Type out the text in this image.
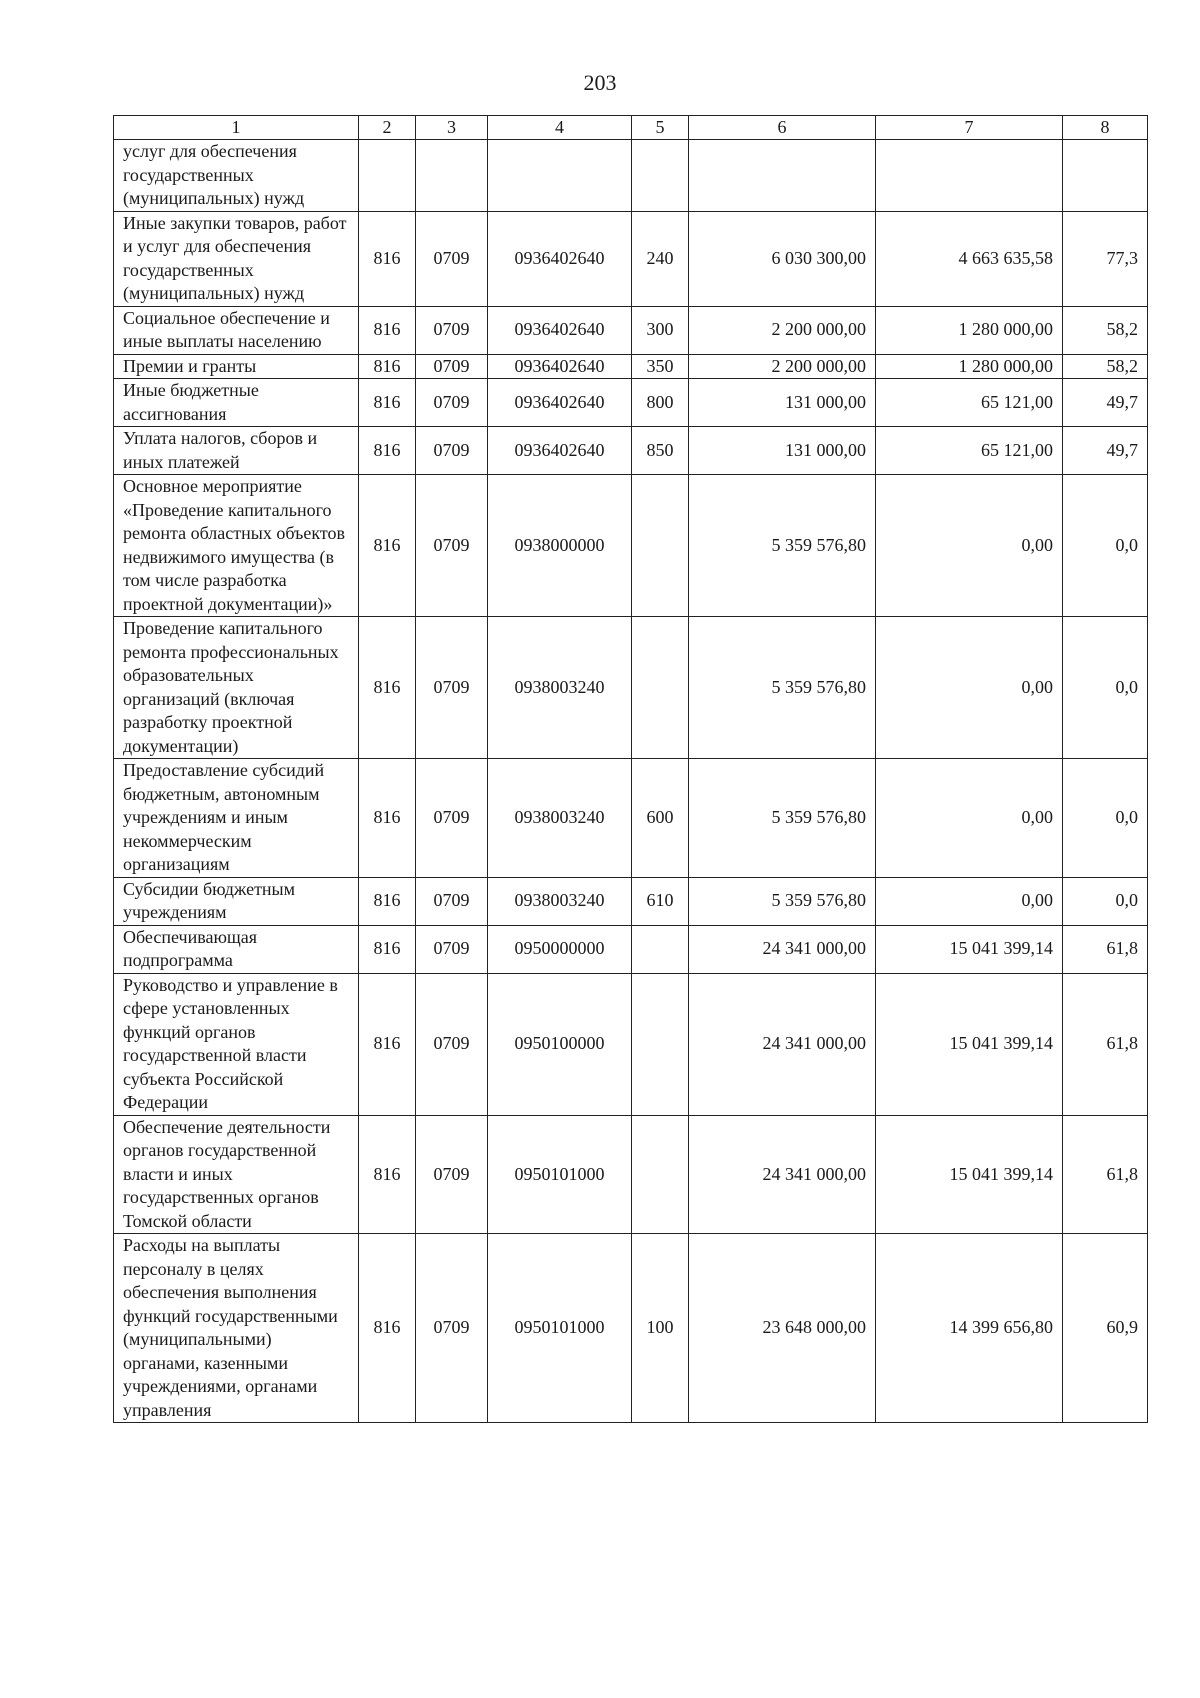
203
1	2	3	4	5	6	7	8
услуг для обеспечения государственных (муниципальных) нужд							
Иные закупки товаров, работ и услуг для обеспечения государственных (муниципальных) нужд	816	0709	0936402640	240	6 030 300,00	4 663 635,58	77,3
Социальное обеспечение и иные выплаты населению	816	0709	0936402640	300	2 200 000,00	1 280 000,00	58,2
Премии и гранты	816	0709	0936402640	350	2 200 000,00	1 280 000,00	58,2
Иные бюджетные ассигнования	816	0709	0936402640	800	131 000,00	65 121,00	49,7
Уплата налогов, сборов и иных платежей	816	0709	0936402640	850	131 000,00	65 121,00	49,7
Основное мероприятие «Проведение капитального ремонта областных объектов недвижимого имущества (в том числе разработка проектной документации)»	816	0709	0938000000		5 359 576,80	0,00	0,0
Проведение капитального ремонта профессиональных образовательных организаций (включая разработку проектной документации)	816	0709	0938003240		5 359 576,80	0,00	0,0
Предоставление субсидий бюджетным, автономным учреждениям и иным некоммерческим организациям	816	0709	0938003240	600	5 359 576,80	0,00	0,0
Субсидии бюджетным учреждениям	816	0709	0938003240	610	5 359 576,80	0,00	0,0
Обеспечивающая подпрограмма	816	0709	0950000000		24 341 000,00	15 041 399,14	61,8
Руководство и управление в сфере установленных функций органов государственной власти субъекта Российской Федерации	816	0709	0950100000		24 341 000,00	15 041 399,14	61,8
Обеспечение деятельности органов государственной власти и иных государственных органов Томской области	816	0709	0950101000		24 341 000,00	15 041 399,14	61,8
Расходы на выплаты персоналу в целях обеспечения выполнения функций государственными (муниципальными) органами, казенными учреждениями, органами управления	816	0709	0950101000	100	23 648 000,00	14 399 656,80	60,9
